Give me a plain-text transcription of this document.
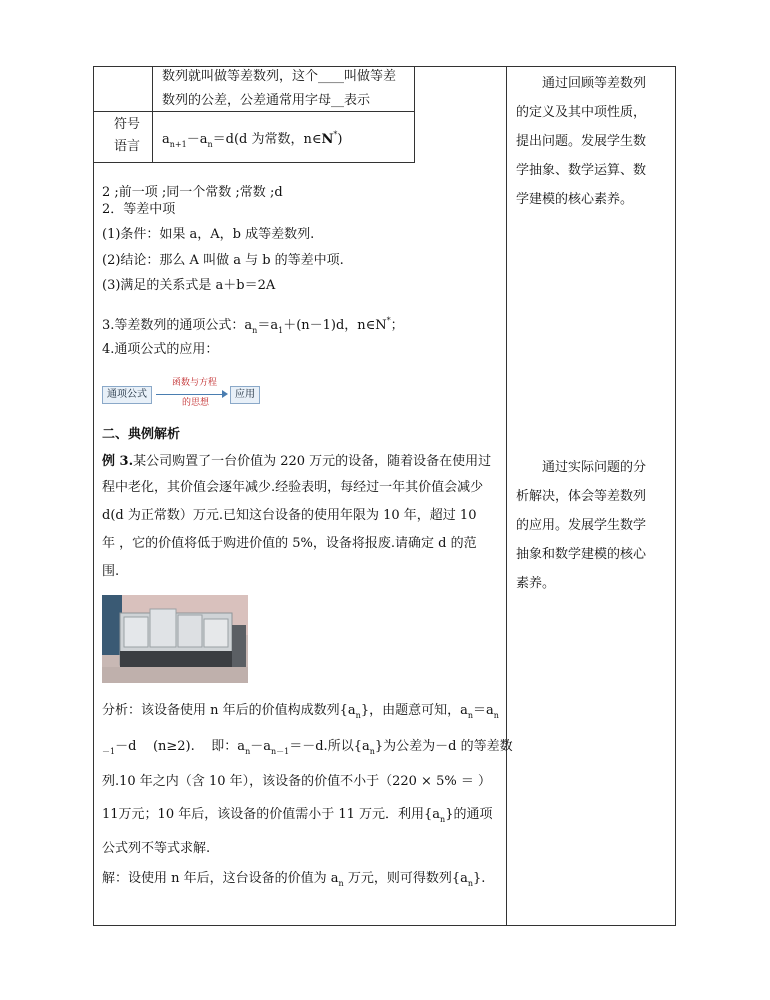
数列就叫做等差数列，这个____叫做等差
数列的公差，公差通常用字母__表示
符号
语言 $a_{n+1}-a_n=d(d$ 为常数，n∈N*)
2 ;前一项 ;同一个常数 ;常数 ;d
2．等差中项
(1)条件：如果 a，A，b 成等差数列.
(2)结论：那么 A 叫做 a 与 b 的等差中项.
(3)满足的关系式是 a＋b＝2A
3.等差数列的通项公式：$a_n=a_1+(n-1)d$，n∈N*；
4.通项公式的应用：
通项公式
函数与方程
的思想
应用
二、典例解析
例 3.某公司购置了一台价值为 220 万元的设备，随着设备在使用过
程中老化，其价值会逐年减少.经验表明，每经过一年其价值会减少
d(d 为正常数）万元.已知这台设备的使用年限为 10 年，超过 10
年 ，它的价值将低于购进价值的 5%，设备将报废.请确定 d 的范
围.
分析：该设备使用 n 年后的价值构成数列$\{a_n\}$，由题意可知，$a_n=a_n$
$_{-1}$－d (n≥2). 即：$a_n-a_{n-1}=-d$.所以$\{a_n\}$为公差为－d 的等差数
列.10 年之内（含 10 年），该设备的价值不小于（220 × 5% ＝ ）
11万元；10 年后，该设备的价值需小于 11 万元．利用$\{a_n\}$的通项
公式列不等式求解.
解：设使用 n 年后，这台设备的价值为 $a_n$ 万元，则可得数列$\{a_n\}$.
通过回顾等差数列
的定义及其中项性质，
提出问题。发展学生数
学抽象、数学运算、数
学建模的核心素养。
通过实际问题的分
析解决，体会等差数列
的应用。发展学生数学
抽象和数学建模的核心
素养。
